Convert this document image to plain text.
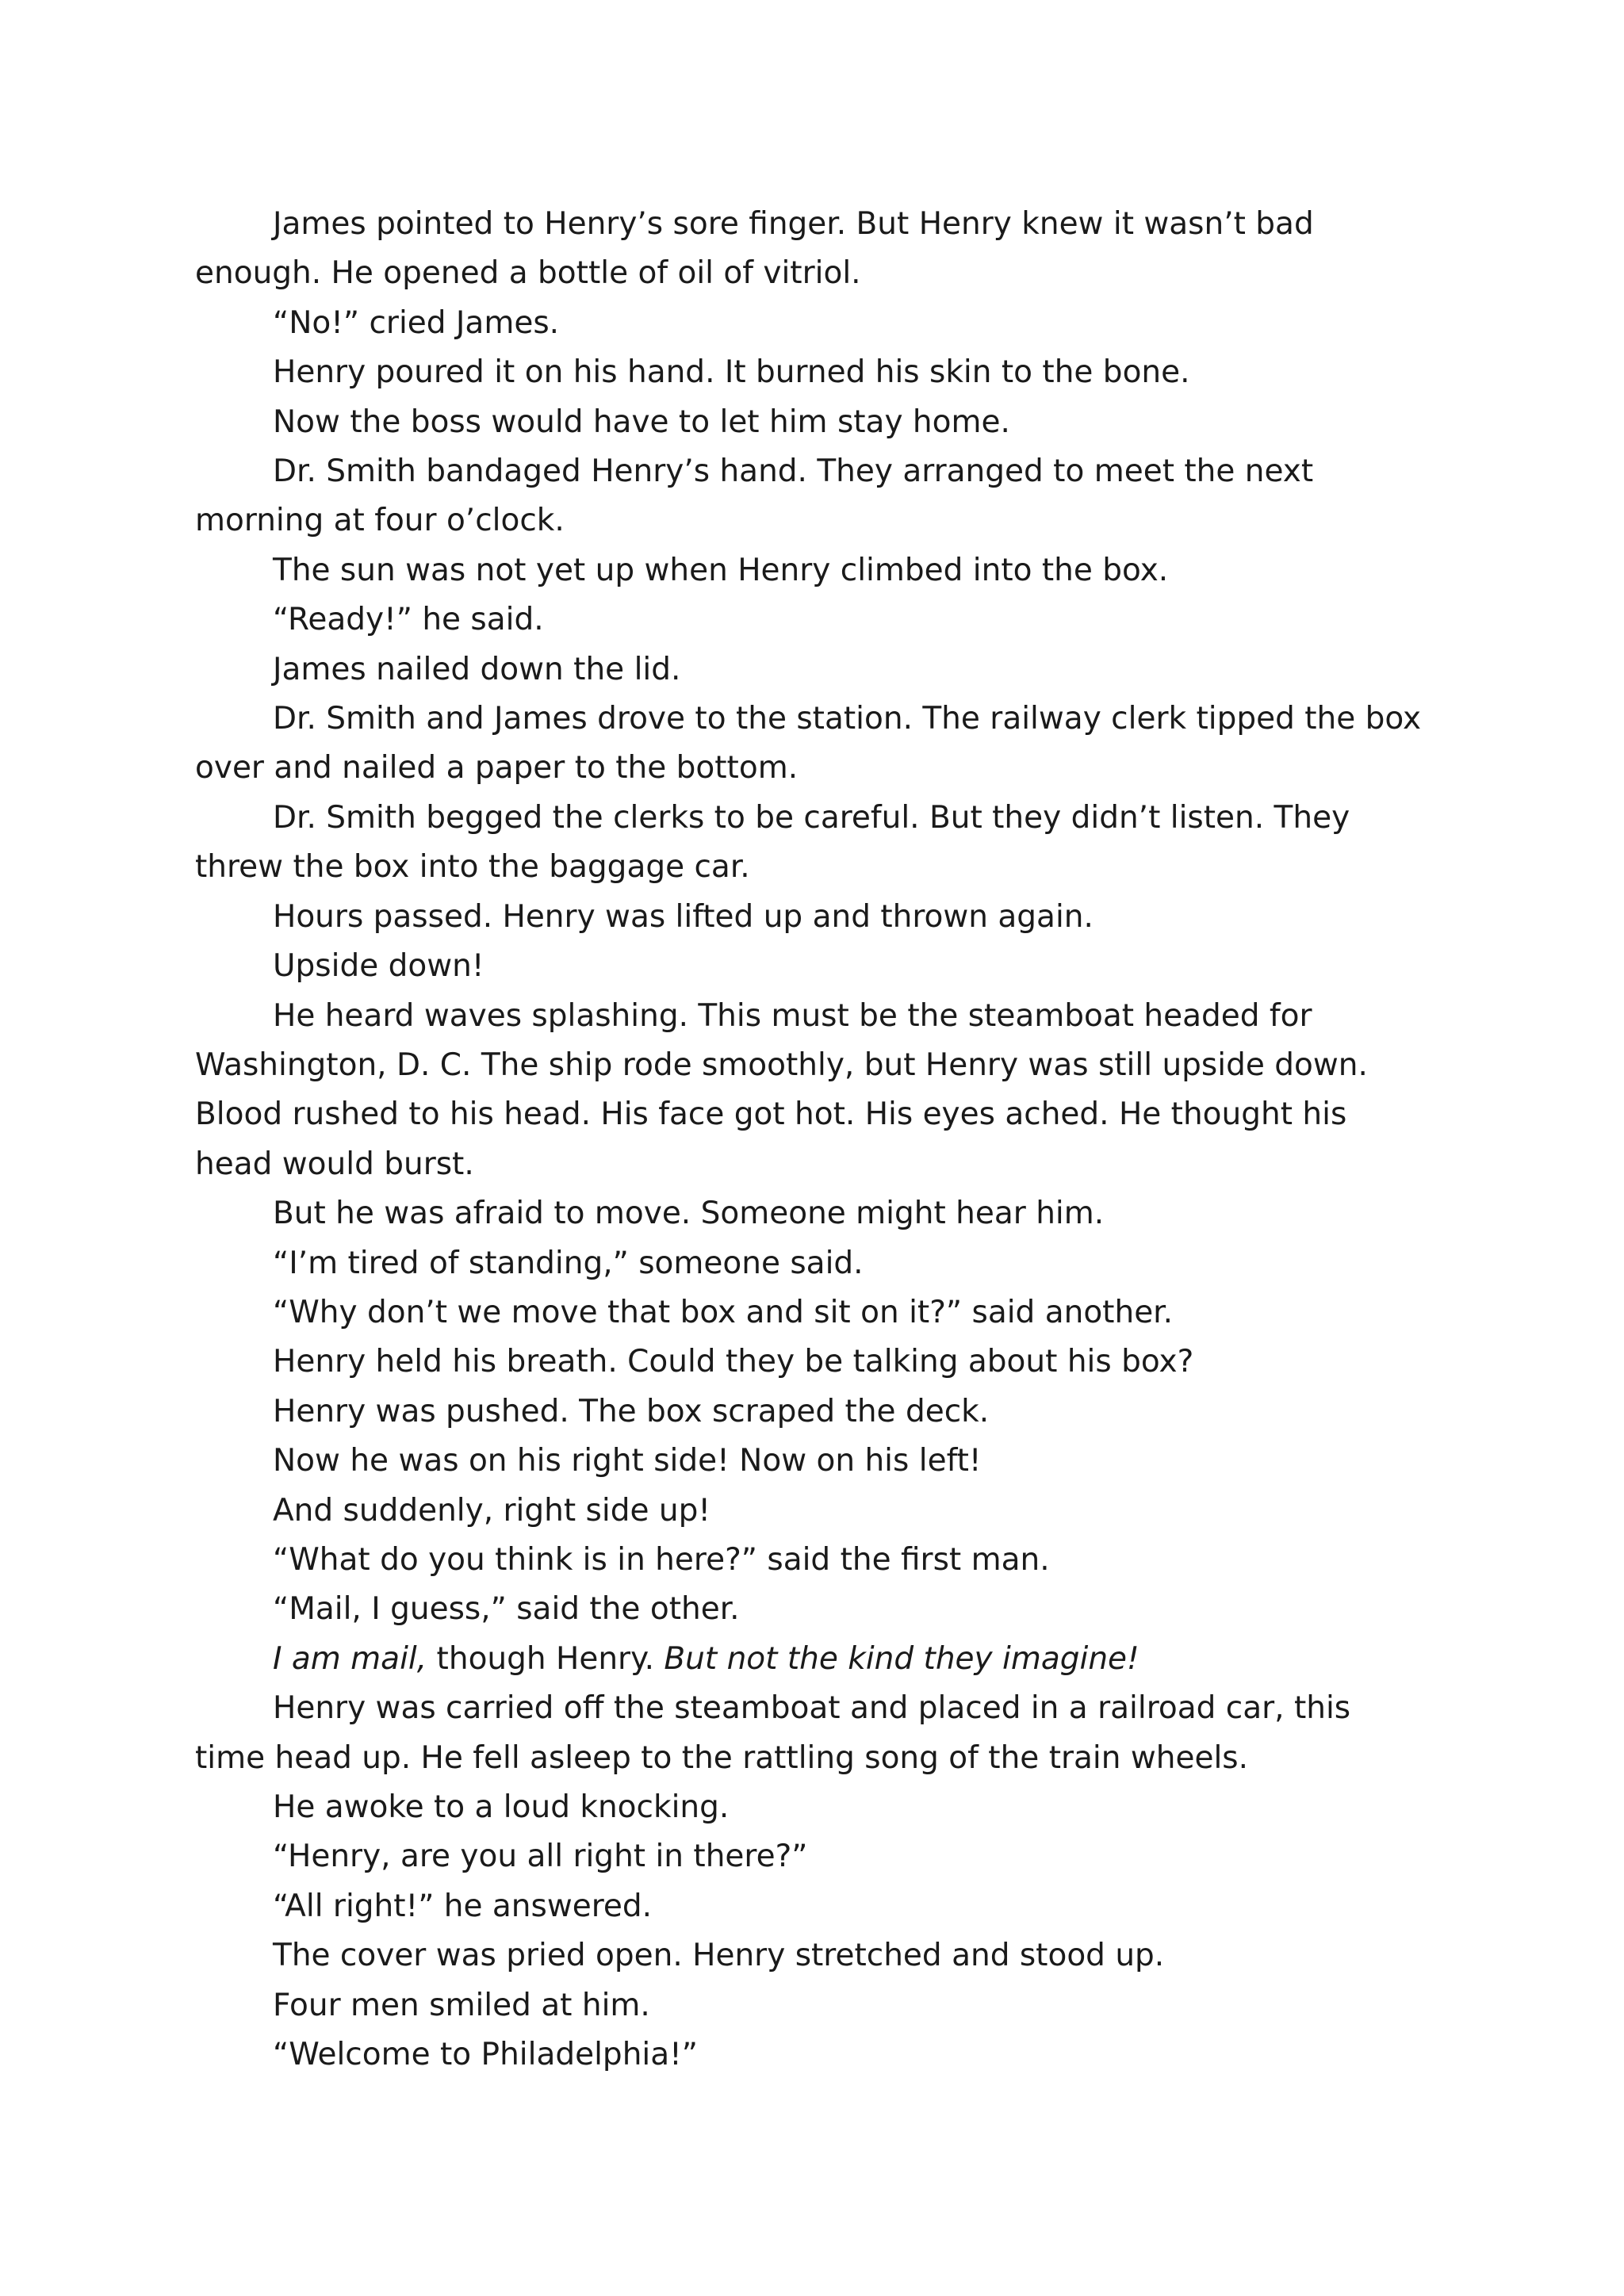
James pointed to Henry’s sore finger. But Henry knew it wasn’t bad
enough. He opened a bottle of oil of vitriol.

“No!” cried James.

Henry poured it on his hand. It burned his skin to the bone.

Now the boss would have to let him stay home.

Dr. Smith bandaged Henry’s hand. They arranged to meet the next
morning at four o’clock.

The sun was not yet up when Henry climbed into the box.

“Ready!” he said.

James nailed down the lid.

Dr. Smith and James drove to the station. The railway clerk tipped the box
over and nailed a paper to the bottom.

Dr. Smith begged the clerks to be careful. But they didn’t listen. They
threw the box into the baggage car.

Hours passed. Henry was lifted up and thrown again.

Upside down!

He heard waves splashing. This must be the steamboat headed for
Washington, D. C. The ship rode smoothly, but Henry was still upside down.
Blood rushed to his head. His face got hot. His eyes ached. He thought his
head would burst.

But he was afraid to move. Someone might hear him.

“I’m tired of standing,” someone said.

“Why don’t we move that box and sit on it?” said another.

Henry held his breath. Could they be talking about his box?

Henry was pushed. The box scraped the deck.

Now he was on his right side! Now on his left!

And suddenly, right side up!

“What do you think is in here?” said the first man.

“Mail, I guess,” said the other.

I am mail, though Henry. But not the kind they imagine!

Henry was carried off the steamboat and placed in a railroad car, this
time head up. He fell asleep to the rattling song of the train wheels.

He awoke to a loud knocking.

“Henry, are you all right in there?”

“All right!” he answered.

The cover was pried open. Henry stretched and stood up.

Four men smiled at him.

“Welcome to Philadelphia!”
